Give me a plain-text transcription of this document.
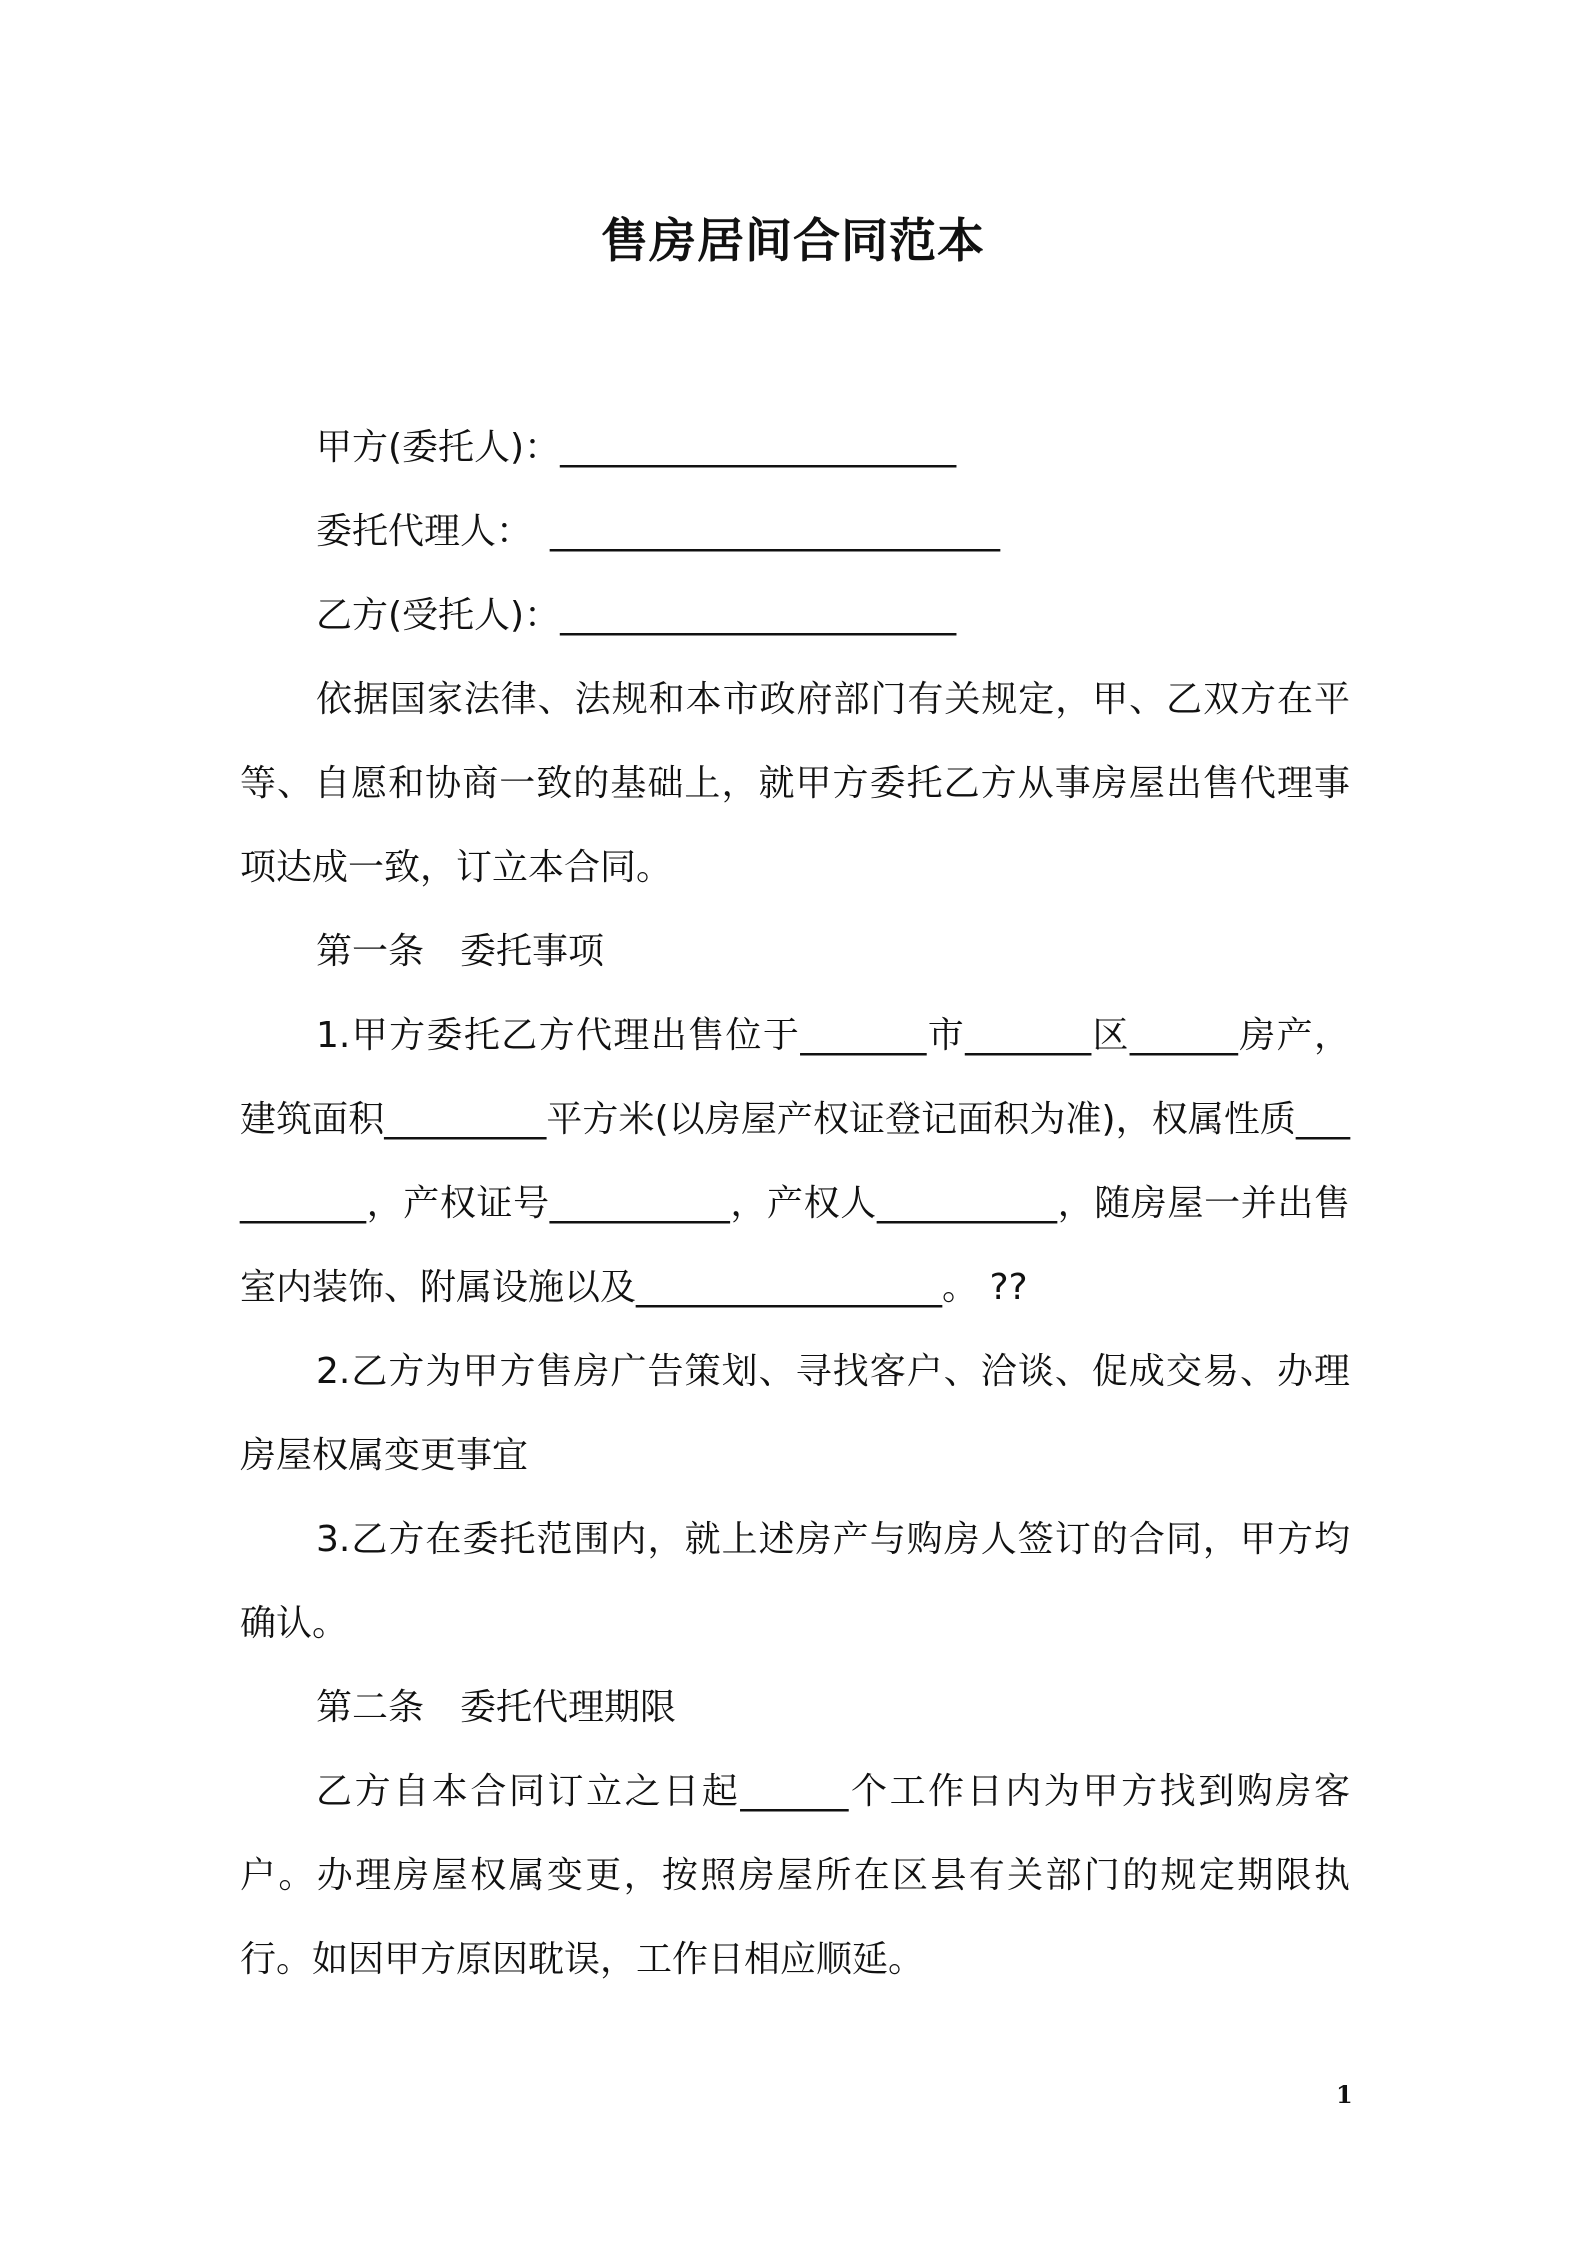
售房居间合同范本

甲方(委托人)：______________________

委托代理人：　_________________________

乙方(受托人)：______________________

依据国家法律、法规和本市政府部门有关规定，甲、乙双方在平等、自愿和协商一致的基础上，就甲方委托乙方从事房屋出售代理事项达成一致，订立本合同。

第一条　委托事项

1.甲方委托乙方代理出售位于_______市_______区______房产，建筑面积_________平方米(以房屋产权证登记面积为准)，权属性质__________，产权证号__________，产权人__________，随房屋一并出售室内装饰、附属设施以及_________________。 ??

2.乙方为甲方售房广告策划、寻找客户、洽谈、促成交易、办理房屋权属变更事宜

3.乙方在委托范围内，就上述房产与购房人签订的合同，甲方均确认。

第二条　委托代理期限

乙方自本合同订立之日起______个工作日内为甲方找到购房客户。办理房屋权属变更，按照房屋所在区县有关部门的规定期限执行。如因甲方原因耽误，工作日相应顺延。

1
